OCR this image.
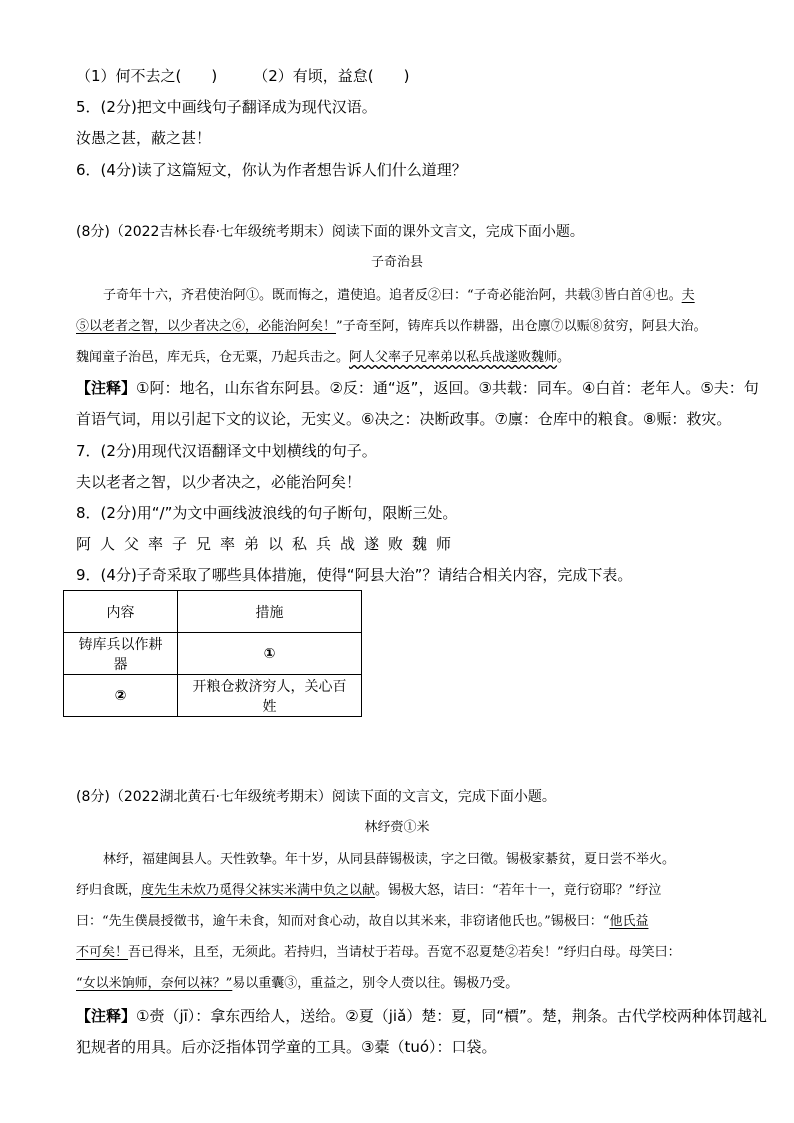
（1）何不去之(　　) （2）有顷，益怠(　　)
5．(2分)把文中画线句子翻译成为现代汉语。
汝愚之甚，蔽之甚！
6．(4分)读了这篇短文，你认为作者想告诉人们什么道理？
(8分)（2022吉林长春·七年级统考期末）阅读下面的课外文言文，完成下面小题。
子奇治县
子奇年十六，齐君使治阿①。既而悔之，遣使追。追者反②曰：“子奇必能治阿，共载③皆白首④也。夫
⑤以老者之智，以少者决之⑥，必能治阿矣！”子奇至阿，铸库兵以作耕器，出仓廪⑦以赈⑧贫穷，阿县大治。
魏闻童子治邑，库无兵，仓无粟，乃起兵击之。阿人父率子兄率弟以私兵战遂败魏师。
【注释】①阿：地名，山东省东阿县。②反：通“返”，返回。③共载：同车。④白首：老年人。⑤夫：句
首语气词，用以引起下文的议论，无实义。⑥决之：决断政事。⑦廪：仓库中的粮食。⑧赈：救灾。
7．(2分)用现代汉语翻译文中划横线的句子。
夫以老者之智，以少者决之，必能治阿矣！
8．(2分)用“/”为文中画线波浪线的句子断句，限断三处。
阿人父率子兄率弟以私兵战遂败魏师
9．(4分)子奇采取了哪些具体措施，使得“阿县大治”？请结合相关内容，完成下表。
内容	措施
铸库兵以作耕器	①
②	开粮仓救济穷人，关心百姓
(8分)（2022湖北黄石·七年级统考期末）阅读下面的文言文，完成下面小题。
林纾赍①米
林纾，福建闽县人。天性敦挚。年十岁，从同县薛锡极读，字之曰徵。锡极家綦贫，夏日尝不举火。
纾归食既，度先生未炊乃觅得父袜实米满中负之以献。锡极大怒，诘曰：“若年十一，竟行窃耶？”纾泣
曰：“先生僕晨授徵书，逾午未食，知而对食心动，故自以其米来，非窃诸他氏也。”锡极曰：“他氏益
不可矣！吾已得米，且至，无须此。若持归，当请杖于若母。吾宽不忍夏楚②若矣！”纾归白母。母笑曰：
“女以米饷师，奈何以袜？”易以重囊③，重益之，别令人赍以往。锡极乃受。
【注释】①赍（jī）：拿东西给人，送给。②夏（jiǎ）楚：夏，同“檟”。楚，荆条。古代学校两种体罚越礼
犯规者的用具。后亦泛指体罚学童的工具。③橐（tuó）：口袋。
